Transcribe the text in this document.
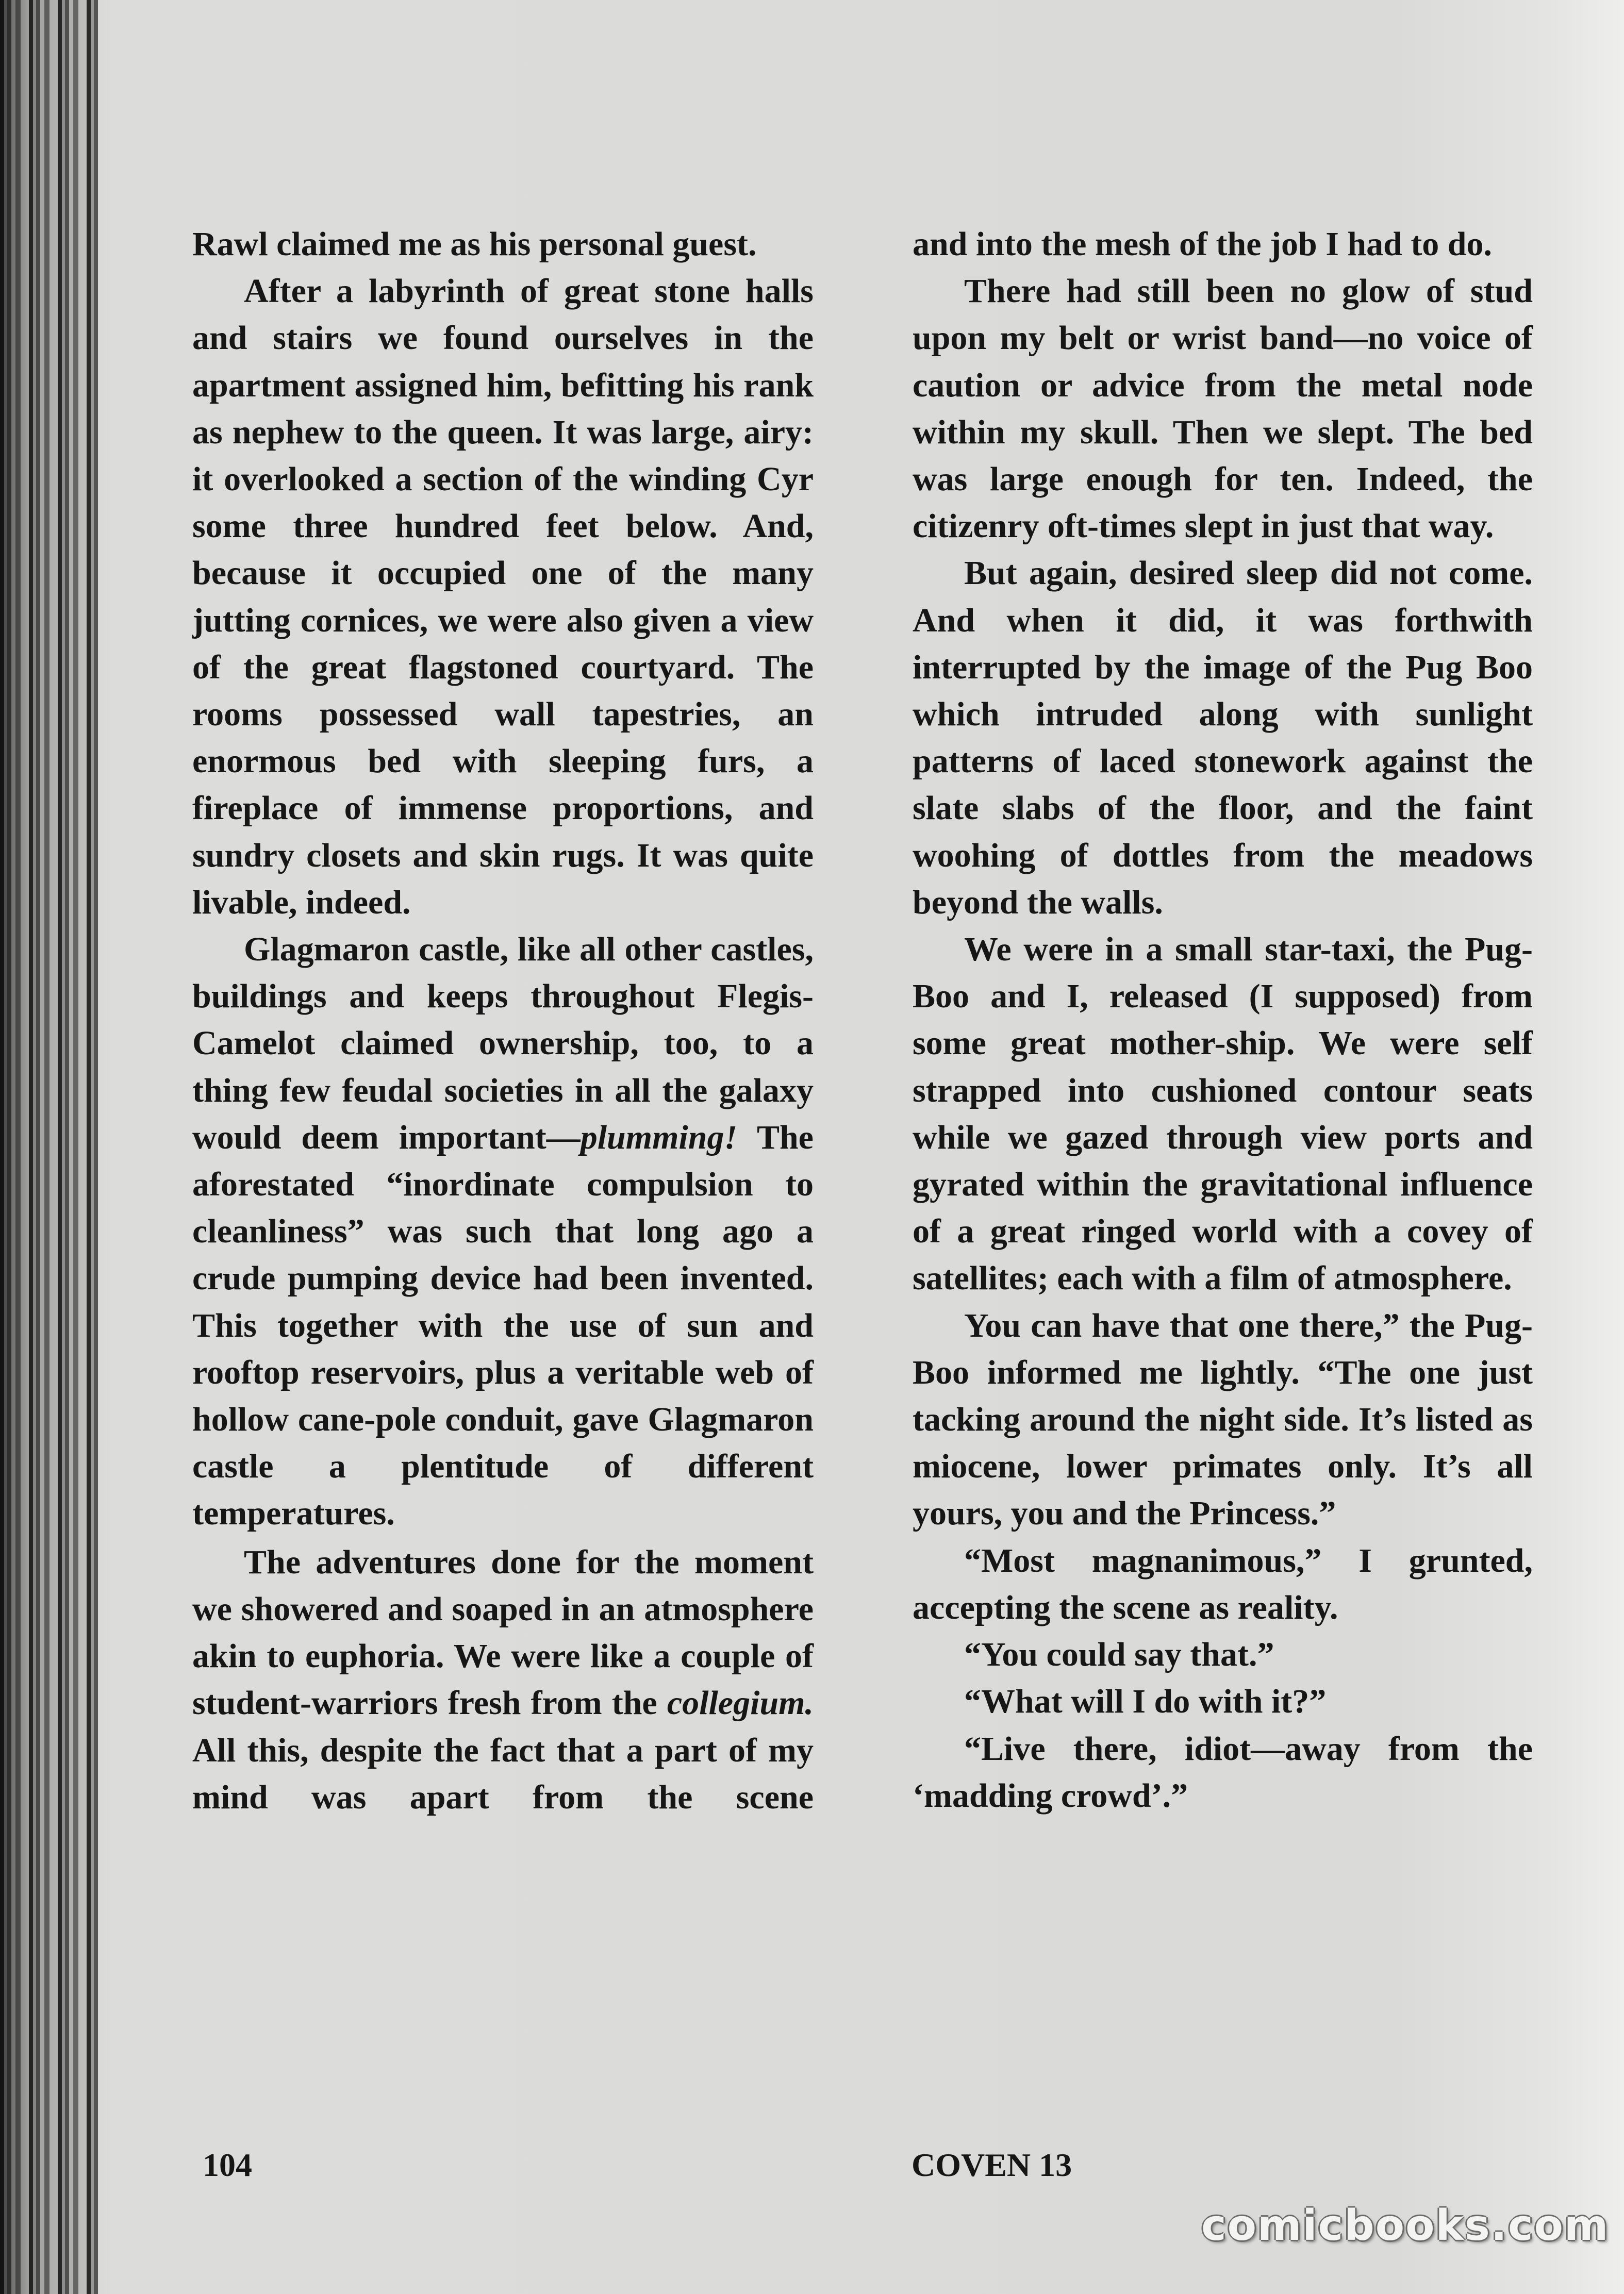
Rawl claimed me as his personal guest.

After a labyrinth of great stone halls and stairs we found ourselves in the apartment assigned him, befitting his rank as nephew to the queen. It was large, airy: it overlooked a section of the winding Cyr some three hundred feet below. And, because it occupied one of the many jutting cornices, we were also given a view of the great flagstoned courtyard. The rooms possessed wall tapestries, an enormous bed with sleeping furs, a fireplace of immense proportions, and sundry closets and skin rugs. It was quite livable, indeed.

Glagmaron castle, like all other castles, buildings and keeps throughout Flegis-Camelot claimed ownership, too, to a thing few feudal societies in all the galaxy would deem important—plumming! The aforestated “inordinate compulsion to cleanliness” was such that long ago a crude pumping device had been invented. This together with the use of sun and rooftop reservoirs, plus a veritable web of hollow cane-pole conduit, gave Glagmaron castle a plentitude of different temperatures.

The adventures done for the moment we showered and soaped in an atmosphere akin to euphoria. We were like a couple of student-warriors fresh from the collegium. All this, despite the fact that a part of my mind was apart from the scene

and into the mesh of the job I had to do.

There had still been no glow of stud upon my belt or wrist band—no voice of caution or advice from the metal node within my skull. Then we slept. The bed was large enough for ten. Indeed, the citizenry oft-times slept in just that way.

But again, desired sleep did not come. And when it did, it was forthwith interrupted by the image of the Pug Boo which intruded along with sunlight patterns of laced stonework against the slate slabs of the floor, and the faint woohing of dottles from the meadows beyond the walls.

We were in a small star-taxi, the Pug-Boo and I, released (I supposed) from some great mother-ship. We were self strapped into cushioned contour seats while we gazed through view ports and gyrated within the gravitational influence of a great ringed world with a covey of satellites; each with a film of atmosphere.

You can have that one there,” the Pug-Boo informed me lightly. “The one just tacking around the night side. It’s listed as miocene, lower primates only. It’s all yours, you and the Princess.”

“Most magnanimous,” I grunted, accepting the scene as reality.

“You could say that.”

“What will I do with it?”

“Live there, idiot—away from the ‘madding crowd’.”

104	COVEN 13
comicbooks.com
